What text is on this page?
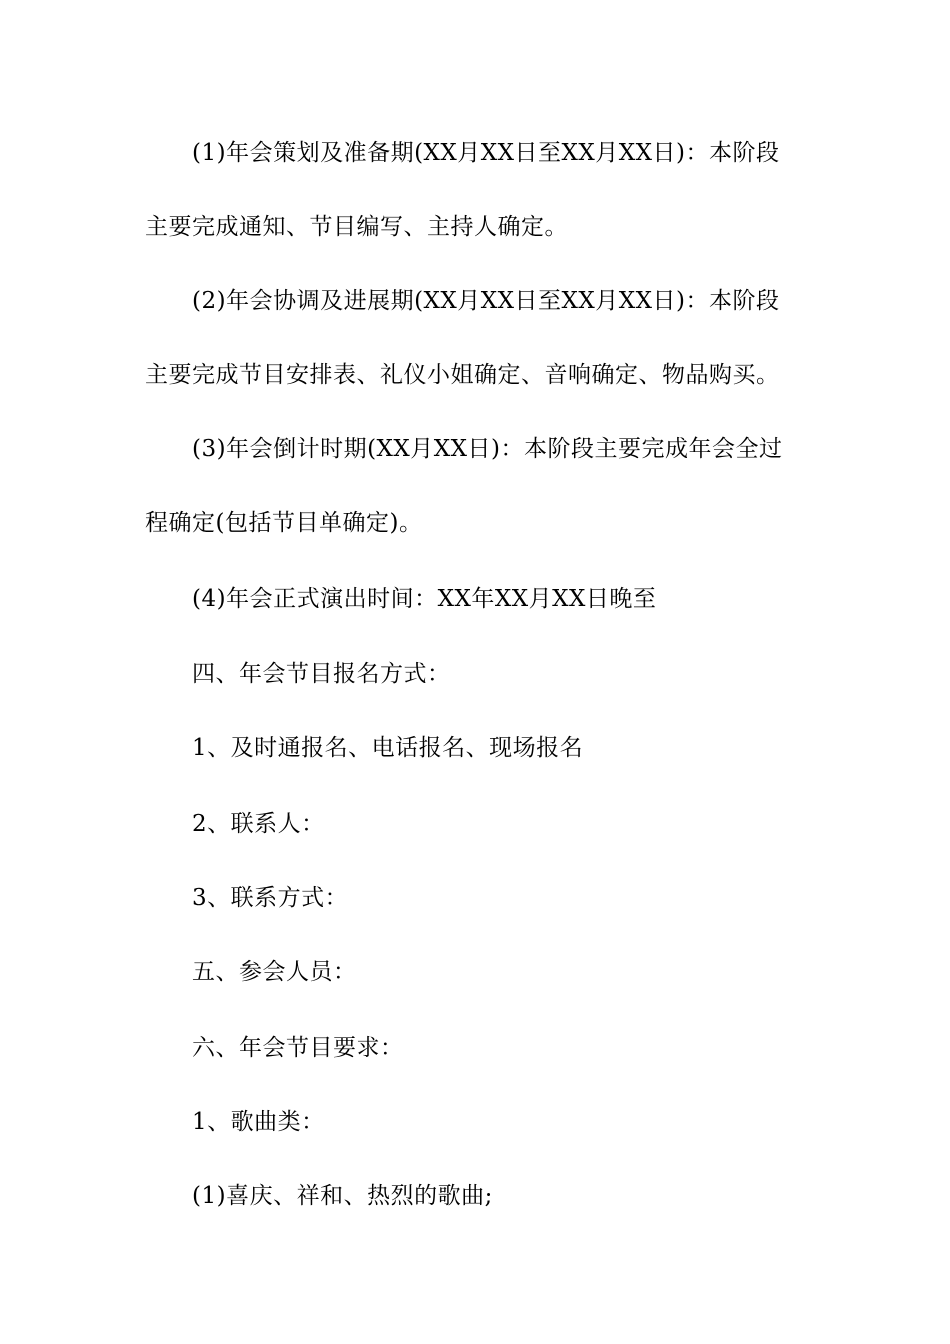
(1)年会策划及准备期(XX月XX日至XX月XX日)：本阶段
主要完成通知、节目编写、主持人确定。
(2)年会协调及进展期(XX月XX日至XX月XX日)：本阶段
主要完成节目安排表、礼仪小姐确定、音响确定、物品购买。
(3)年会倒计时期(XX月XX日)：本阶段主要完成年会全过
程确定(包括节目单确定)。
(4)年会正式演出时间：XX年XX月XX日晚至
四、年会节目报名方式：
1、及时通报名、电话报名、现场报名
2、联系人：
3、联系方式：
五、参会人员：
六、年会节目要求：
1、歌曲类：
(1)喜庆、祥和、热烈的歌曲;
